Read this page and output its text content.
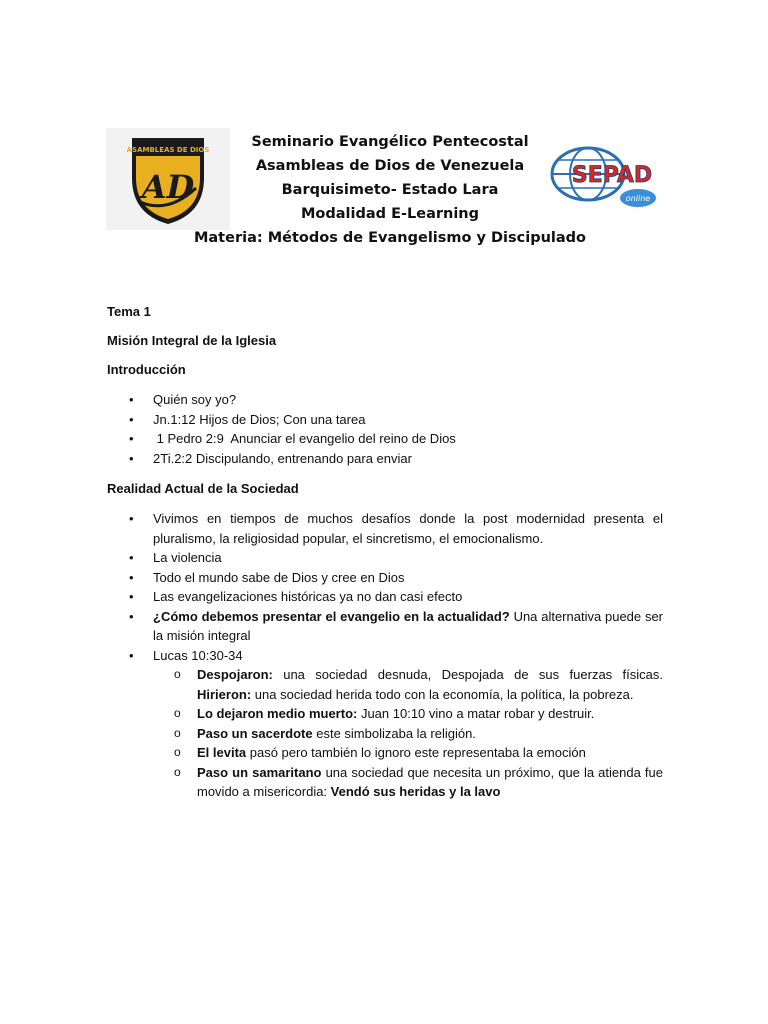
ASAMBLEAS DE DIOS
AD
Seminario Evangélico Pentecostal
Asambleas de Dios de Venezuela
Barquisimeto- Estado Lara
Modalidad E-Learning
Materia: Métodos de Evangelismo y Discipulado
SEPAD
online

Tema 1

Misión Integral de la Iglesia

Introducción

• Quién soy yo?
• Jn.1:12 Hijos de Dios; Con una tarea
• 1 Pedro 2:9  Anunciar el evangelio del reino de Dios
• 2Ti.2:2 Discipulando, entrenando para enviar

Realidad Actual de la Sociedad

• Vivimos en tiempos de muchos desafíos donde la post modernidad presenta el pluralismo, la religiosidad popular, el sincretismo, el emocionalismo.
• La violencia
• Todo el mundo sabe de Dios y cree en Dios
• Las evangelizaciones históricas ya no dan casi efecto
• ¿Cómo debemos presentar el evangelio en la actualidad? Una alternativa puede ser la misión integral
• Lucas 10:30-34
o Despojaron: una sociedad desnuda, Despojada de sus fuerzas físicas. Hirieron: una sociedad herida todo con la economía, la política, la pobreza.
o Lo dejaron medio muerto: Juan 10:10 vino a matar robar y destruir.
o Paso un sacerdote este simbolizaba la religión.
o El levita pasó pero también lo ignoro este representaba la emoción
o Paso un samaritano una sociedad que necesita un próximo, que la atienda fue movido a misericordia: Vendó sus heridas y la lavo
